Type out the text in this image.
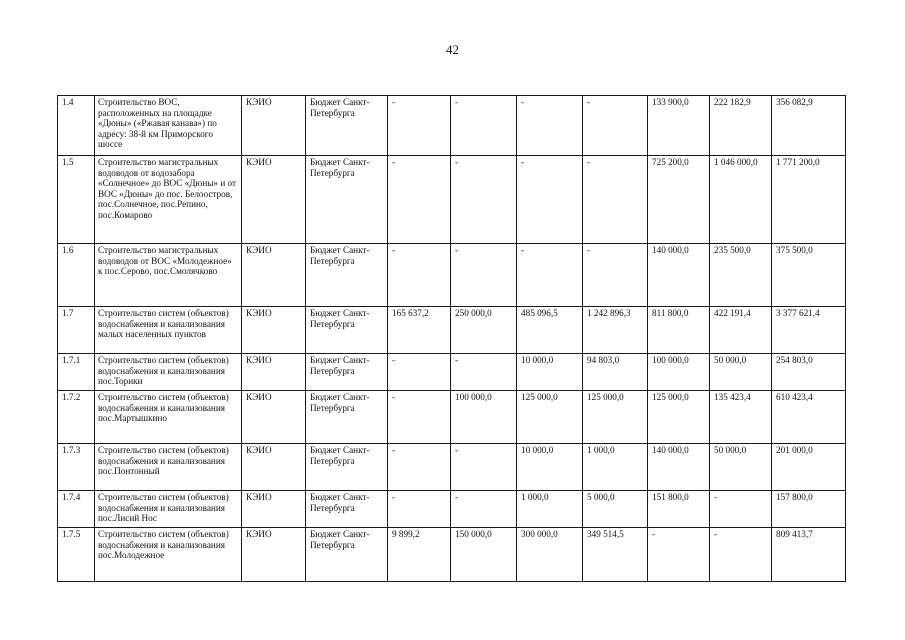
42
1.4	Строительство ВОС, расположенных на площадке «Дюны» («Ржавая канава») по адресу: 38-й км Приморского шоссе	КЭИО	Бюджет Санкт-Петербурга	-	-	-	-	133 900,0	222 182,9	356 082,9
1.5	Строительство магистральных водоводов от водозабора «Солнечное» до ВОС «Дюны» и от ВОС «Дюны» до пос. Белоостров, пос.Солнечное, пос.Репино, пос.Комарово	КЭИО	Бюджет Санкт-Петербурга	-	-	-	-	725 200,0	1 046 000,0	1 771 200,0
1.6	Строительство магистральных водоводов от ВОС «Молодежное» к пос.Серово, пос.Смолячково	КЭИО	Бюджет Санкт-Петербурга	-	-	-	-	140 000,0	235 500,0	375 500,0
1.7	Строительство систем (объектов) водоснабжения и канализования малых населенных пунктов	КЭИО	Бюджет Санкт-Петербурга	165 637,2	250 000,0	485 096,5	1 242 896,3	811 800,0	422 191,4	3 377 621,4
1.7.1	Строительство систем (объектов) водоснабжения и канализования пос.Торики	КЭИО	Бюджет Санкт-Петербурга	-	-	10 000,0	94 803,0	100 000,0	50 000,0	254 803,0
1.7.2	Строительство систем (объектов) водоснабжения и канализования пос.Мартышкино	КЭИО	Бюджет Санкт-Петербурга	-	100 000,0	125 000,0	125 000,0	125 000,0	135 423,4	610 423,4
1.7.3	Строительство систем (объектов) водоснабжения и канализования пос.Понтонный	КЭИО	Бюджет Санкт-Петербурга	-	-	10 000,0	1 000,0	140 000,0	50 000,0	201 000,0
1.7.4	Строительство систем (объектов) водоснабжения и канализования пос.Лисий Нос	КЭИО	Бюджет Санкт-Петербурга	-	-	1 000,0	5 000,0	151 800,0	-	157 800,0
1.7.5	Строительство систем (объектов) водоснабжения и канализования пос.Молодежное	КЭИО	Бюджет Санкт-Петербурга	9 899,2	150 000,0	300 000,0	349 514,5	-	-	809 413,7
